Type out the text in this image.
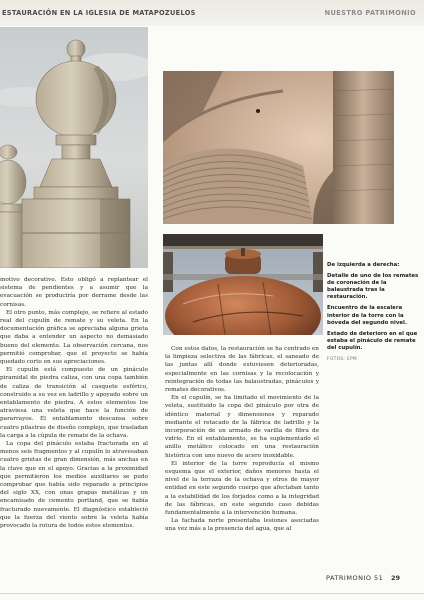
ESTAURACIÓN EN LA IGLESIA DE MATAPOZUELOS	NUESTRO PATRIMONIO

De izquierda a derecha:

Detalle de uno de los remates de coronación de la balaustrada tras la restauración.

Encuentro de la escalera interior de la torre con la bóveda del segundo nivel.

Estado de deterioro en el que estaba el pináculo de remate del cupulín.

FOTOS: EPM

motivo decorativo. Esto obligó a replantear el sistema de pendientes y a asumir que la evacuación se produciría por derrame desde las cornisas.

El otro punto, más complejo, se refiere al estado real del cupulín de remate y su veleta. En la documentación gráfica se apreciaba alguna grieta que daba a entender un aspecto no demasiado bueno del elemento. La observación cercana, nos permitió comprobar, que el proyecto se había quedado corto en sus apreciaciones.

El cupulín está compuesto de un pináculo piramidal de piedra caliza, con una copa también de caliza de transición al casquete esférico, construido a su vez en ladrillo y apoyado sobre un entablamento de piedra. A estos elementos los atraviesa una veleta que hace la función de pararrayos. El entablamento descansa sobre cuatro pilastras de diseño complejo, que trasladan la carga a la cúpula de remate de la ochava.

La copa del pináculo estaba fracturada en al menos seis fragmentos y al cupulín lo atravesaban cuatro grietas de gran dimensión, más anchas en la clave que en el apoyo. Gracias a la proximidad que permitieron los medios auxiliares se pudo comprobar que había sido reparado a principios del siglo XX, con unas grapas metálicas y un encamisado de cemento portland, que se había fracturado nuevamente. El diagnóstico estableció que la fuerza del viento sobre la veleta había provocado la rotura de todos estos elementos.

Con estos datos, la restauración se ha centrado en la limpieza selectiva de las fábricas, el saneado de las juntas allí donde estuviesen deterioradas, especialmente en las cornisas y la recolocación y reintegración de todas las balaustradas, pináculos y remates decorativos.

En el cupulín, se ha limitado el movimiento de la veleta, sustituido la copa del pináculo por otra de idéntico material y dimensiones y reparado mediante el retacado de la fábrica de ladrillo y la incorporación de un armado de varilla de fibra de vidrio. En el entablamento, se ha suplementado el anillo metálico colocado en una restauración histórica con uno nuevo de acero inoxidable.

El interior de la torre reproducía el mismo esquema que el exterior, daños menores hasta el nivel de la terraza de la ochava y otros de mayor entidad en este segundo cuerpo que afectaban tanto a la estabilidad de los forjados como a la integridad de las fábricas, en este segundo caso debidas fundamentalmente a la intervención humana.

La fachada norte presentaba lesiones asociadas una vez más a la presencia del agua, que al

PATRIMONIO 51 29
